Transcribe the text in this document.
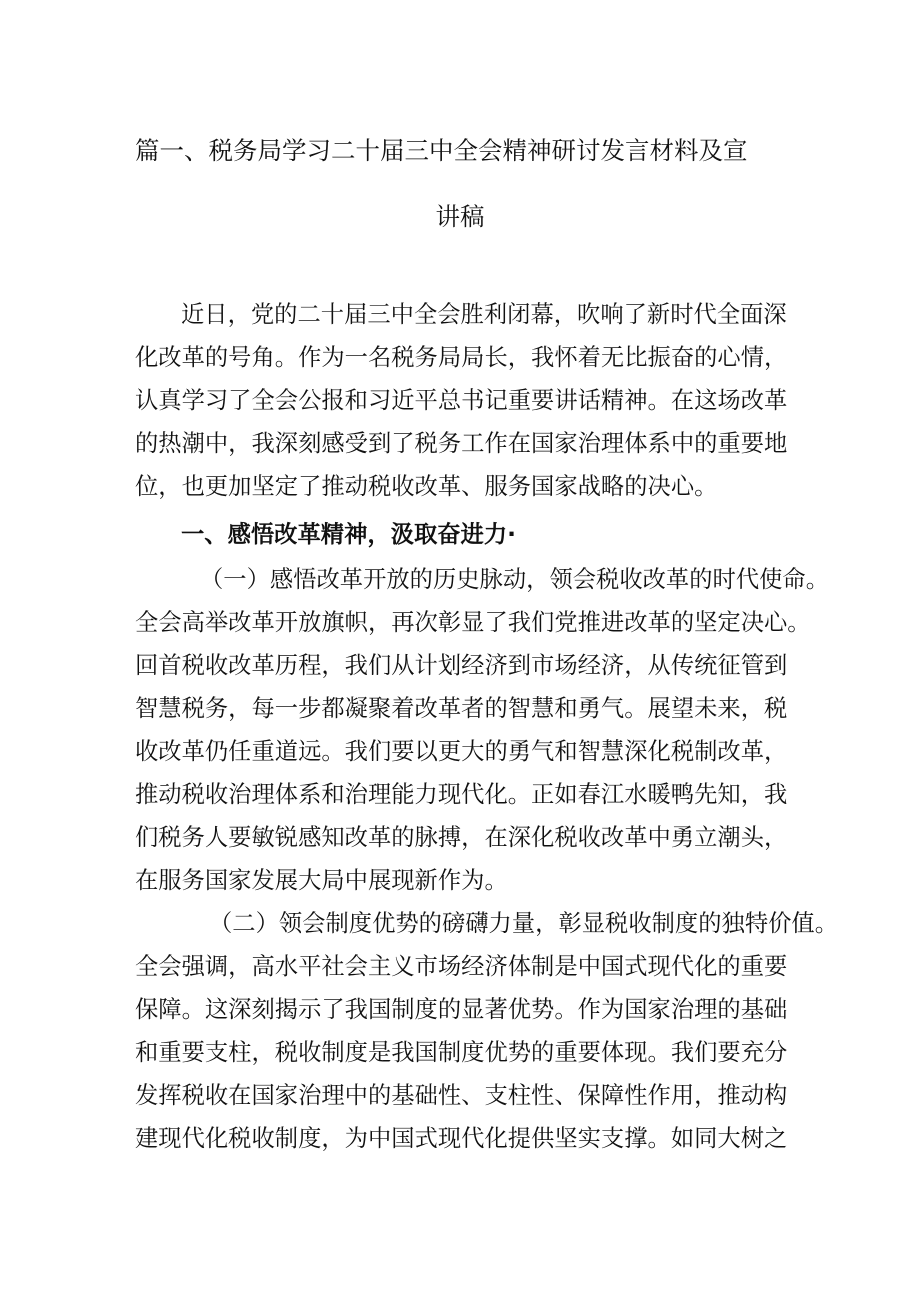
篇一、税务局学习二十届三中全会精神研讨发言材料及宣
讲稿
近日，党的二十届三中全会胜利闭幕，吹响了新时代全面深
化改革的号角。作为一名税务局局长，我怀着无比振奋的心情，
认真学习了全会公报和习近平总书记重要讲话精神。在这场改革
的热潮中，我深刻感受到了税务工作在国家治理体系中的重要地
位，也更加坚定了推动税收改革、服务国家战略的决心。
一、感悟改革精神，汲取奋进力·
（一）感悟改革开放的历史脉动，领会税收改革的时代使命。
全会高举改革开放旗帜，再次彰显了我们党推进改革的坚定决心。
回首税收改革历程，我们从计划经济到市场经济，从传统征管到
智慧税务，每一步都凝聚着改革者的智慧和勇气。展望未来，税
收改革仍任重道远。我们要以更大的勇气和智慧深化税制改革，
推动税收治理体系和治理能力现代化。正如春江水暖鸭先知，我
们税务人要敏锐感知改革的脉搏，在深化税收改革中勇立潮头，
在服务国家发展大局中展现新作为。
（二）领会制度优势的磅礴力量，彰显税收制度的独特价值。
全会强调，高水平社会主义市场经济体制是中国式现代化的重要
保障。这深刻揭示了我国制度的显著优势。作为国家治理的基础
和重要支柱，税收制度是我国制度优势的重要体现。我们要充分
发挥税收在国家治理中的基础性、支柱性、保障性作用，推动构
建现代化税收制度，为中国式现代化提供坚实支撑。如同大树之
